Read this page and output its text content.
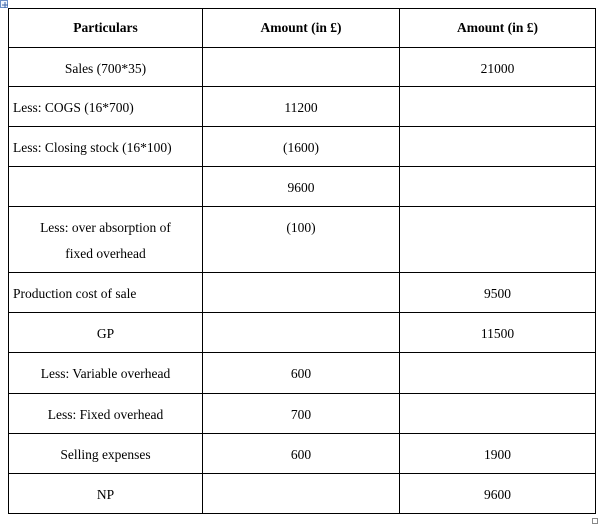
Particulars	Amount (in £)	Amount (in £)
Sales (700*35)		21000
Less: COGS (16*700)	11200	
Less: Closing stock (16*100)	(1600)	
	9600	

Less: over absorption of
fixed overhead	(100)	
Production cost of sale		9500
GP		11500
Less: Variable overhead	600	
Less: Fixed overhead	700	
Selling expenses	600	1900
NP		9600
